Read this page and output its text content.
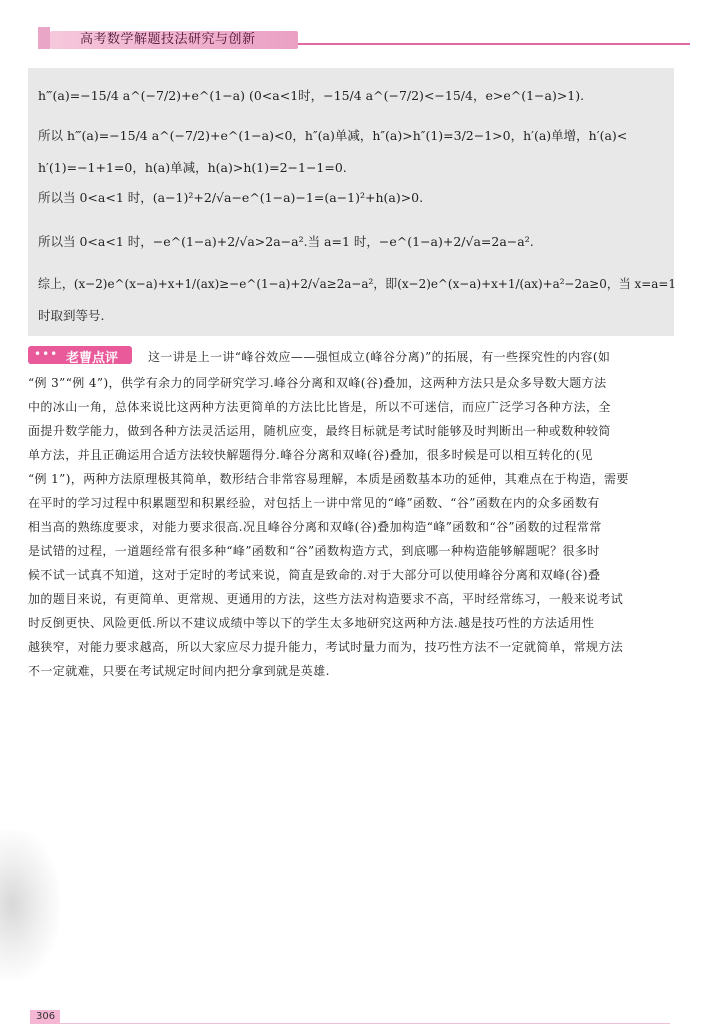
高考数学解题技法研究与创新
h‴(a)=−15/4 a^(−7/2)+e^(1−a) (0<a<1时，−15/4 a^(−7/2)<−15/4，e>e^(1−a)>1).
所以 h‴(a)=−15/4 a^(−7/2)+e^(1−a)<0，h″(a)单减，h″(a)>h″(1)=3/2−1>0，h′(a)单增，h′(a)<
h′(1)=−1+1=0，h(a)单减，h(a)>h(1)=2−1−1=0.
所以当 0<a<1 时，(a−1)²+2/√a−e^(1−a)−1=(a−1)²+h(a)>0.
所以当 0<a<1 时，−e^(1−a)+2/√a>2a−a².当 a=1 时，−e^(1−a)+2/√a=2a−a².
综上，(x−2)e^(x−a)+x+1/(ax)≥−e^(1−a)+2/√a≥2a−a²，即(x−2)e^(x−a)+x+1/(ax)+a²−2a≥0，当 x=a=1
时取到等号.
••• 老曹点评 这一讲是上一讲“峰谷效应——强恒成立(峰谷分离)”的拓展，有一些探究性的内容(如
“例 3”“例 4”)，供学有余力的同学研究学习.峰谷分离和双峰(谷)叠加，这两种方法只是众多导数大题方法
中的冰山一角，总体来说比这两种方法更简单的方法比比皆是，所以不可迷信，而应广泛学习各种方法，全
面提升数学能力，做到各种方法灵活运用，随机应变，最终目标就是考试时能够及时判断出一种或数种较简
单方法，并且正确运用合适方法较快解题得分.峰谷分离和双峰(谷)叠加，很多时候是可以相互转化的(见
“例 1”)，两种方法原理极其简单，数形结合非常容易理解，本质是函数基本功的延伸，其难点在于构造，需要
在平时的学习过程中积累题型和积累经验，对包括上一讲中常见的“峰”函数、“谷”函数在内的众多函数有
相当高的熟练度要求，对能力要求很高.况且峰谷分离和双峰(谷)叠加构造“峰”函数和“谷”函数的过程常常
是试错的过程，一道题经常有很多种“峰”函数和“谷”函数构造方式，到底哪一种构造能够解题呢？很多时
候不试一试真不知道，这对于定时的考试来说，简直是致命的.对于大部分可以使用峰谷分离和双峰(谷)叠
加的题目来说，有更简单、更常规、更通用的方法，这些方法对构造要求不高，平时经常练习，一般来说考试
时反倒更快、风险更低.所以不建议成绩中等以下的学生太多地研究这两种方法.越是技巧性的方法适用性
越狭窄，对能力要求越高，所以大家应尽力提升能力，考试时量力而为，技巧性方法不一定就简单，常规方法
不一定就难，只要在考试规定时间内把分拿到就是英雄.
306
